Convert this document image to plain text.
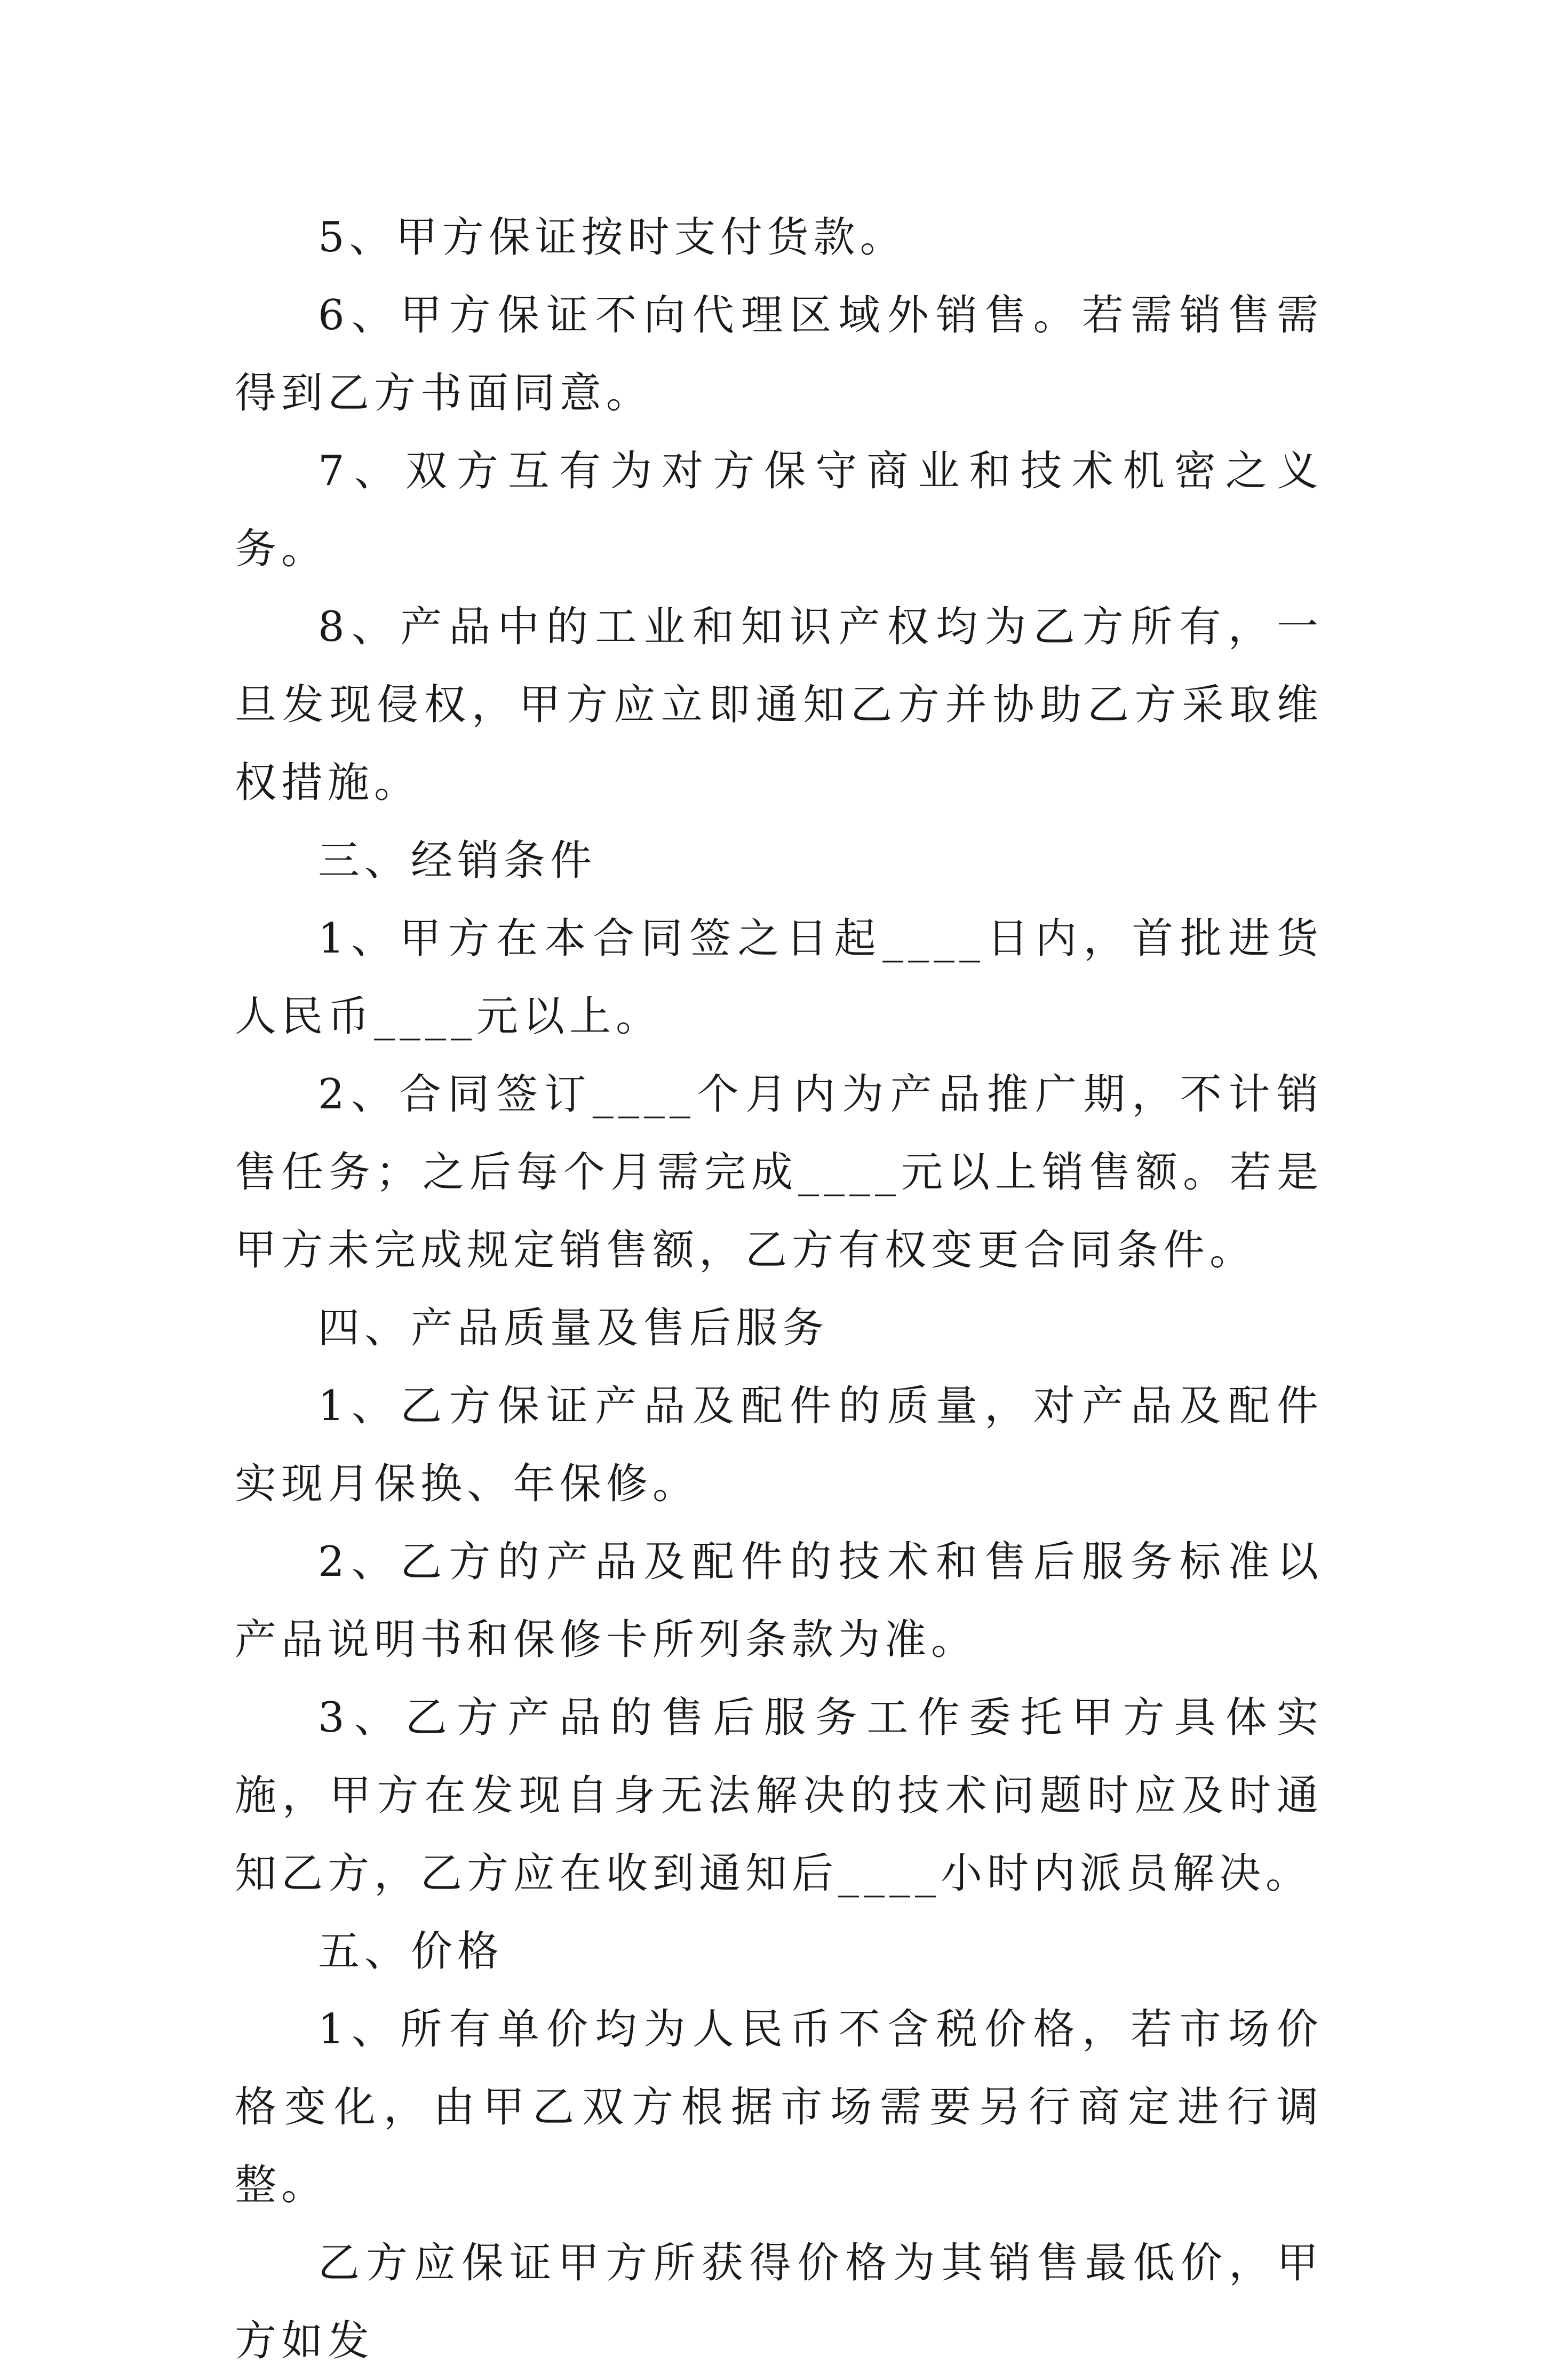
5、甲方保证按时支付货款。

6、甲方保证不向代理区域外销售。若需销售需得到乙方书面同意。

7、双方互有为对方保守商业和技术机密之义务。

8、产品中的工业和知识产权均为乙方所有，一旦发现侵权，甲方应立即通知乙方并协助乙方采取维权措施。

三、经销条件

1、甲方在本合同签之日起____日内，首批进货人民币____元以上。

2、合同签订____个月内为产品推广期，不计销售任务；之后每个月需完成____元以上销售额。若是甲方未完成规定销售额，乙方有权变更合同条件。

四、产品质量及售后服务

1、乙方保证产品及配件的质量，对产品及配件实现月保换、年保修。

2、乙方的产品及配件的技术和售后服务标准以产品说明书和保修卡所列条款为准。

3、乙方产品的售后服务工作委托甲方具体实施，甲方在发现自身无法解决的技术问题时应及时通知乙方，乙方应在收到通知后____小时内派员解决。

五、价格

1、所有单价均为人民币不含税价格，若市场价格变化，由甲乙双方根据市场需要另行商定进行调整。

乙方应保证甲方所获得价格为其销售最低价，甲方如发
